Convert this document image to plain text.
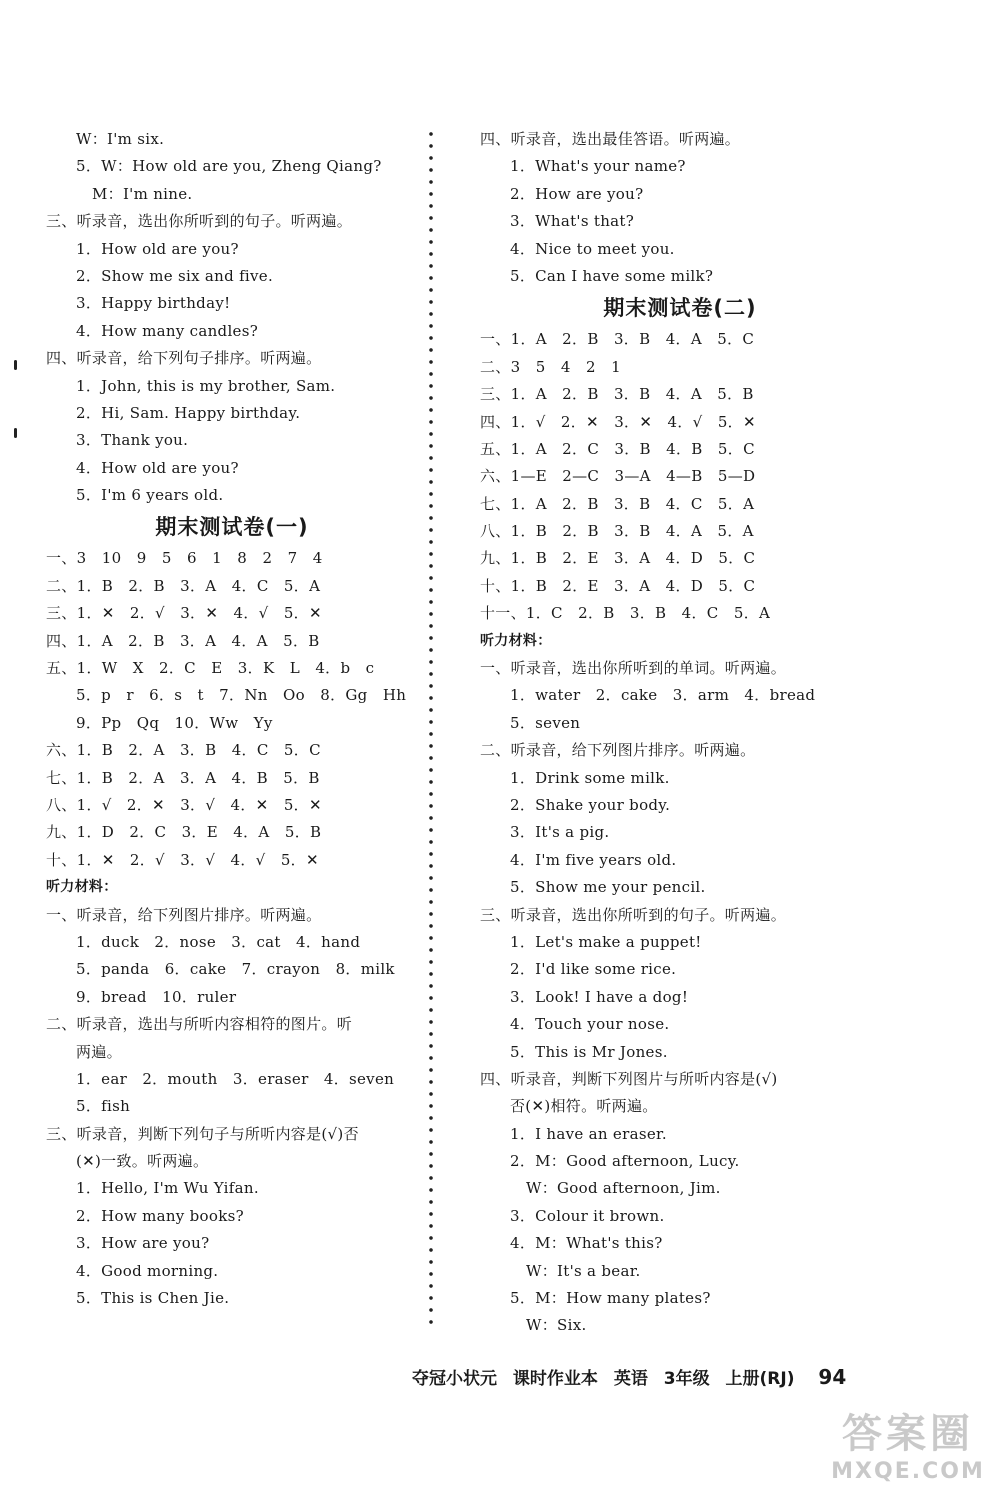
W：I'm six.
5．W：How old are you, Zheng Qiang?
M：I'm nine.
三、听录音，选出你所听到的句子。听两遍。
1．How old are you?
2．Show me six and five.
3．Happy birthday!
4．How many candles?
四、听录音，给下列句子排序。听两遍。
1．John, this is my brother, Sam.
2．Hi, Sam. Happy birthday.
3．Thank you.
4．How old are you?
5．I'm 6 years old.
期末测试卷(一)
一、3　10　9　5　6　1　8　2　7　4
二、1．B　2．B　3．A　4．C　5．A
三、1．✕　2．√　3．✕　4．√　5．✕
四、1．A　2．B　3．A　4．A　5．B
五、1．W　X　2．C　E　3．K　L　4．b　c
5．p　r　6．s　t　7．Nn　Oo　8．Gg　Hh
9．Pp　Qq　10．Ww　Yy
六、1．B　2．A　3．B　4．C　5．C
七、1．B　2．A　3．A　4．B　5．B
八、1．√　2．✕　3．√　4．✕　5．✕
九、1．D　2．C　3．E　4．A　5．B
十、1．✕　2．√　3．√　4．√　5．✕
听力材料：
一、听录音，给下列图片排序。听两遍。
1．duck　2．nose　3．cat　4．hand
5．panda　6．cake　7．crayon　8．milk
9．bread　10．ruler
二、听录音，选出与所听内容相符的图片。听
两遍。
1．ear　2．mouth　3．eraser　4．seven
5．fish
三、听录音，判断下列句子与所听内容是(√)否
(✕)一致。听两遍。
1．Hello, I'm Wu Yifan.
2．How many books?
3．How are you?
4．Good morning.
5．This is Chen Jie.
四、听录音，选出最佳答语。听两遍。
1．What's your name?
2．How are you?
3．What's that?
4．Nice to meet you.
5．Can I have some milk?
期末测试卷(二)
一、1．A　2．B　3．B　4．A　5．C
二、3　5　4　2　1
三、1．A　2．B　3．B　4．A　5．B
四、1．√　2．✕　3．✕　4．√　5．✕
五、1．A　2．C　3．B　4．B　5．C
六、1—E　2—C　3—A　4—B　5—D
七、1．A　2．B　3．B　4．C　5．A
八、1．B　2．B　3．B　4．A　5．A
九、1．B　2．E　3．A　4．D　5．C
十、1．B　2．E　3．A　4．D　5．C
十一、1．C　2．B　3．B　4．C　5．A
听力材料：
一、听录音，选出你所听到的单词。听两遍。
1．water　2．cake　3．arm　4．bread
5．seven
二、听录音，给下列图片排序。听两遍。
1．Drink some milk.
2．Shake your body.
3．It's a pig.
4．I'm five years old.
5．Show me your pencil.
三、听录音，选出你所听到的句子。听两遍。
1．Let's make a puppet!
2．I'd like some rice.
3．Look! I have a dog!
4．Touch your nose.
5．This is Mr Jones.
四、听录音，判断下列图片与所听内容是(√)
否(✕)相符。听两遍。
1．I have an eraser.
2．M：Good afternoon, Lucy.
W：Good afternoon, Jim.
3．Colour it brown.
4．M：What's this?
W：It's a bear.
5．M：How many plates?
W：Six.
夺冠小状元 课时作业本 英语 3年级 上册(RJ) 94
答案圈
MXQE.COM
